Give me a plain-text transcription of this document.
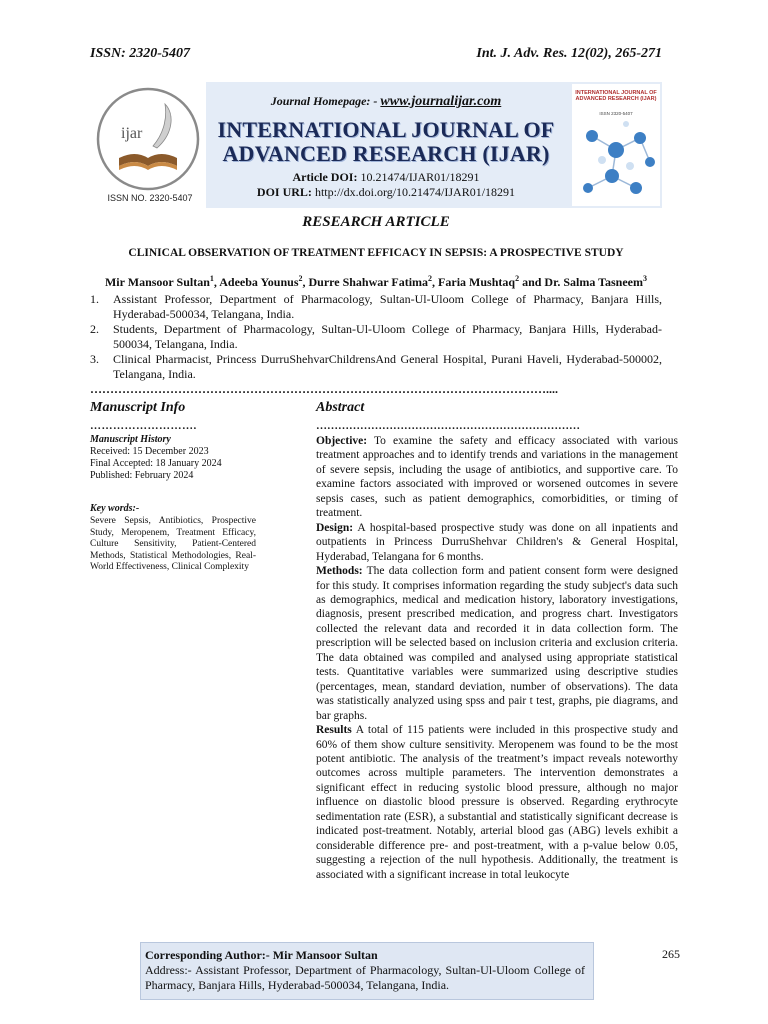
ISSN: 2320-5407	Int. J. Adv. Res. 12(02), 265-271
ijar
ISSN NO. 2320-5407
Journal Homepage: - www.journalijar.com
INTERNATIONAL JOURNAL OF ADVANCED RESEARCH (IJAR)
Article DOI: 10.21474/IJAR01/18291
DOI URL: http://dx.doi.org/10.21474/IJAR01/18291
INTERNATIONAL JOURNAL OF ADVANCED RESEARCH (IJAR)
ISSN 2320-5407
RESEARCH ARTICLE
CLINICAL OBSERVATION OF TREATMENT EFFICACY IN SEPSIS: A PROSPECTIVE STUDY
Mir Mansoor Sultan$^1$, Adeeba Younus$^2$, Durre Shahwar Fatima$^2$, Faria Mushtaq$^2$ and Dr. Salma Tasneem$^3$
1. Assistant Professor, Department of Pharmacology, Sultan-Ul-Uloom College of Pharmacy, Banjara Hills, Hyderabad-500034, Telangana, India.
2. Students, Department of Pharmacology, Sultan-Ul-Uloom College of Pharmacy, Banjara Hills, Hyderabad-500034, Telangana, India.
3. Clinical Pharmacist, Princess DurruShehvarChildrensAnd General Hospital, Purani Haveli, Hyderabad-500002, Telangana, India.
……………………………………………………………………………………………………....
Manuscript Info
……………………….
Manuscript History
Received: 15 December 2023
Final Accepted: 18 January 2024
Published: February 2024
Key words:-
Severe Sepsis, Antibiotics, Prospective Study, Meropenem, Treatment Efficacy, Culture Sensitivity, Patient-Centered Methods, Statistical Methodologies, Real-World Effectiveness, Clinical Complexity
Abstract
………………………………………………………………

Objective: To examine the safety and efficacy associated with various treatment approaches and to identify trends and variations in the management of severe sepsis, including the usage of antibiotics, and supportive care. To examine factors associated with improved or worsened outcomes in severe sepsis cases, such as patient demographics, comorbidities, or timing of treatment.

Design: A hospital-based prospective study was done on all inpatients and outpatients in Princess DurruShehvar Children's & General Hospital, Hyderabad, Telangana for 6 months.

Methods: The data collection form and patient consent form were designed for this study. It comprises information regarding the study subject's data such as demographics, medical and medication history, laboratory investigations, diagnosis, present prescribed medication, and progress chart. Investigators collected the relevant data and recorded it in data collection form. The prescription will be selected based on inclusion criteria and exclusion criteria. The data obtained was compiled and analysed using appropriate statistical tests. Quantitative variables were summarized using descriptive studies (percentages, mean, standard deviation, number of observations). The data was statistically analyzed using spss and pair t test, graphs, pie diagrams, and bar graphs.

Results A total of 115 patients were included in this prospective study and 60% of them show culture sensitivity. Meropenem was found to be the most potent antibiotic. The analysis of the treatment’s impact reveals noteworthy outcomes across multiple parameters. The intervention demonstrates a significant effect in reducing systolic blood pressure, although no major influence on diastolic blood pressure is observed. Regarding erythrocyte sedimentation rate (ESR), a substantial and statistically significant decrease is indicated post-treatment. Notably, arterial blood gas (ABG) levels exhibit a considerable difference pre- and post-treatment, with a p-value below 0.05, suggesting a rejection of the null hypothesis. Additionally, the treatment is associated with a significant increase in total leukocyte

Corresponding Author:- Mir Mansoor Sultan
Address:- Assistant Professor, Department of Pharmacology, Sultan-Ul-Uloom College of Pharmacy, Banjara Hills, Hyderabad-500034, Telangana, India.
265
